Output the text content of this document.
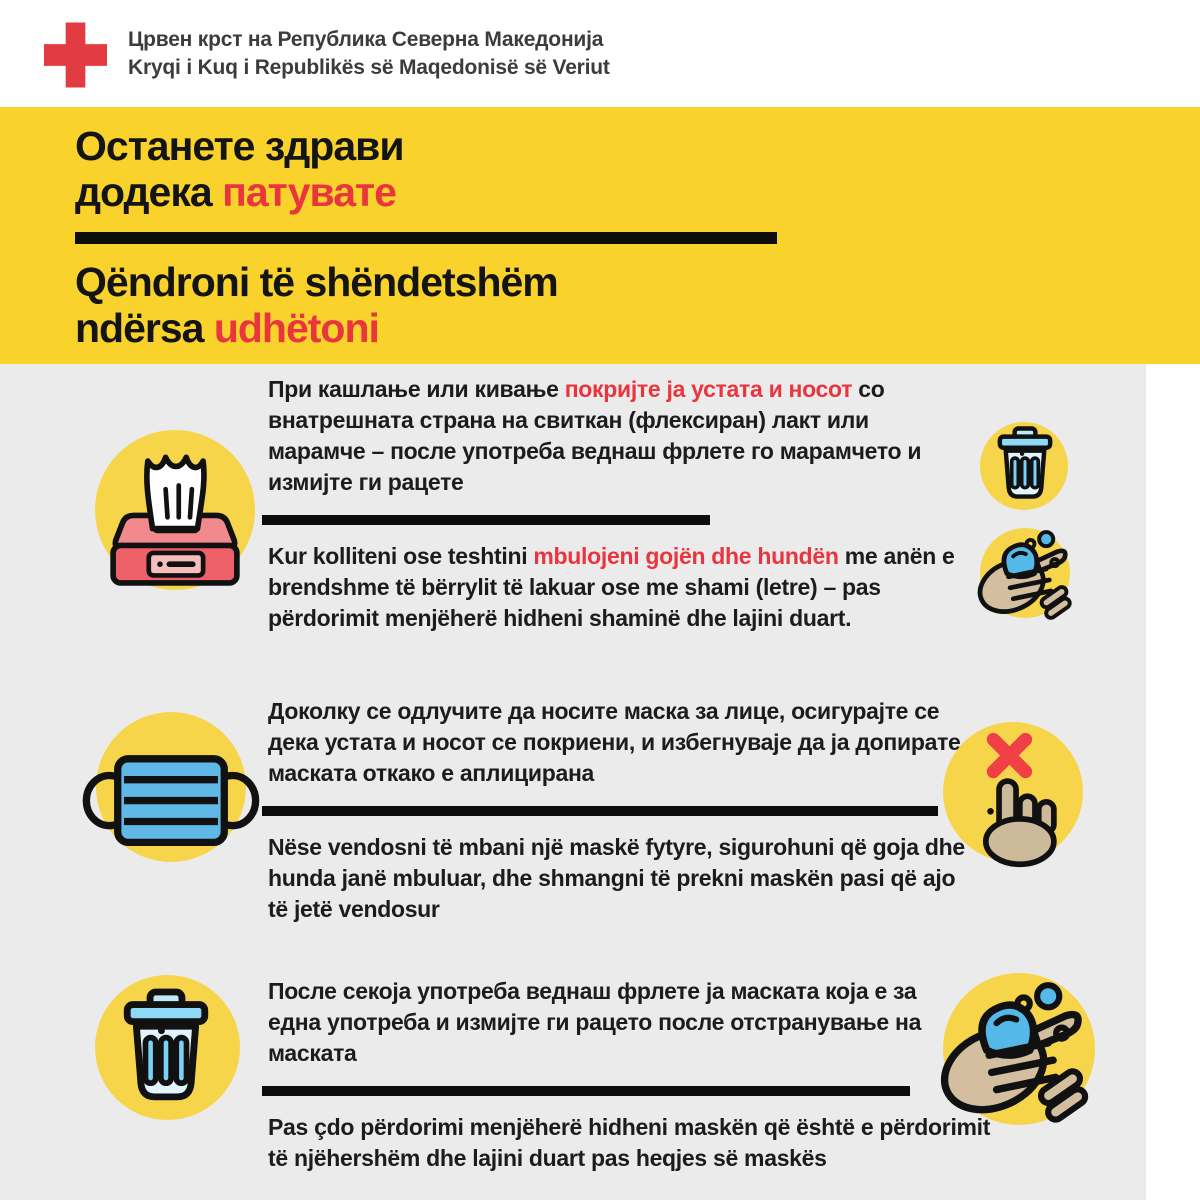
Црвен крст на Република Северна Македонија
Kryqi i Kuq i Republikës së Maqedonisë së Veriut
Останете здрави
додека патувате
Qëndroni të shëndetshëm
ndërsa udhëtoni

При кашлање или кивање покријте ја устата и носот со внатрешната страна на свиткан (флексиран) лакт или марамче – после употреба веднаш фрлете го марамчето и измијте ги рацете

Kur kolliteni ose teshtini mbulojeni gojën dhe hundën me anën e brendshme të bërrylit të lakuar ose me shami (letre) – pas përdorimit menjëherë hidheni shaminë dhe lajini duart.

Доколку се одлучите да носите маска за лице, осигурајте се дека устата и носот се покриени, и избегнуваје да ја допирате маската откако е аплицирана

Nëse vendosni të mbani një maskë fytyre, sigurohuni që goja dhe hunda janë mbuluar, dhe shmangni të prekni maskën pasi që ajo të jetë vendosur

После секоја употреба веднаш фрлете ја маската која е за една употреба и измијте ги рацето после отстранување на маската

Pas çdo përdorimi menjëherë hidheni maskën që është e përdorimit të njëhershëm dhe lajini duart pas heqjes së maskës
